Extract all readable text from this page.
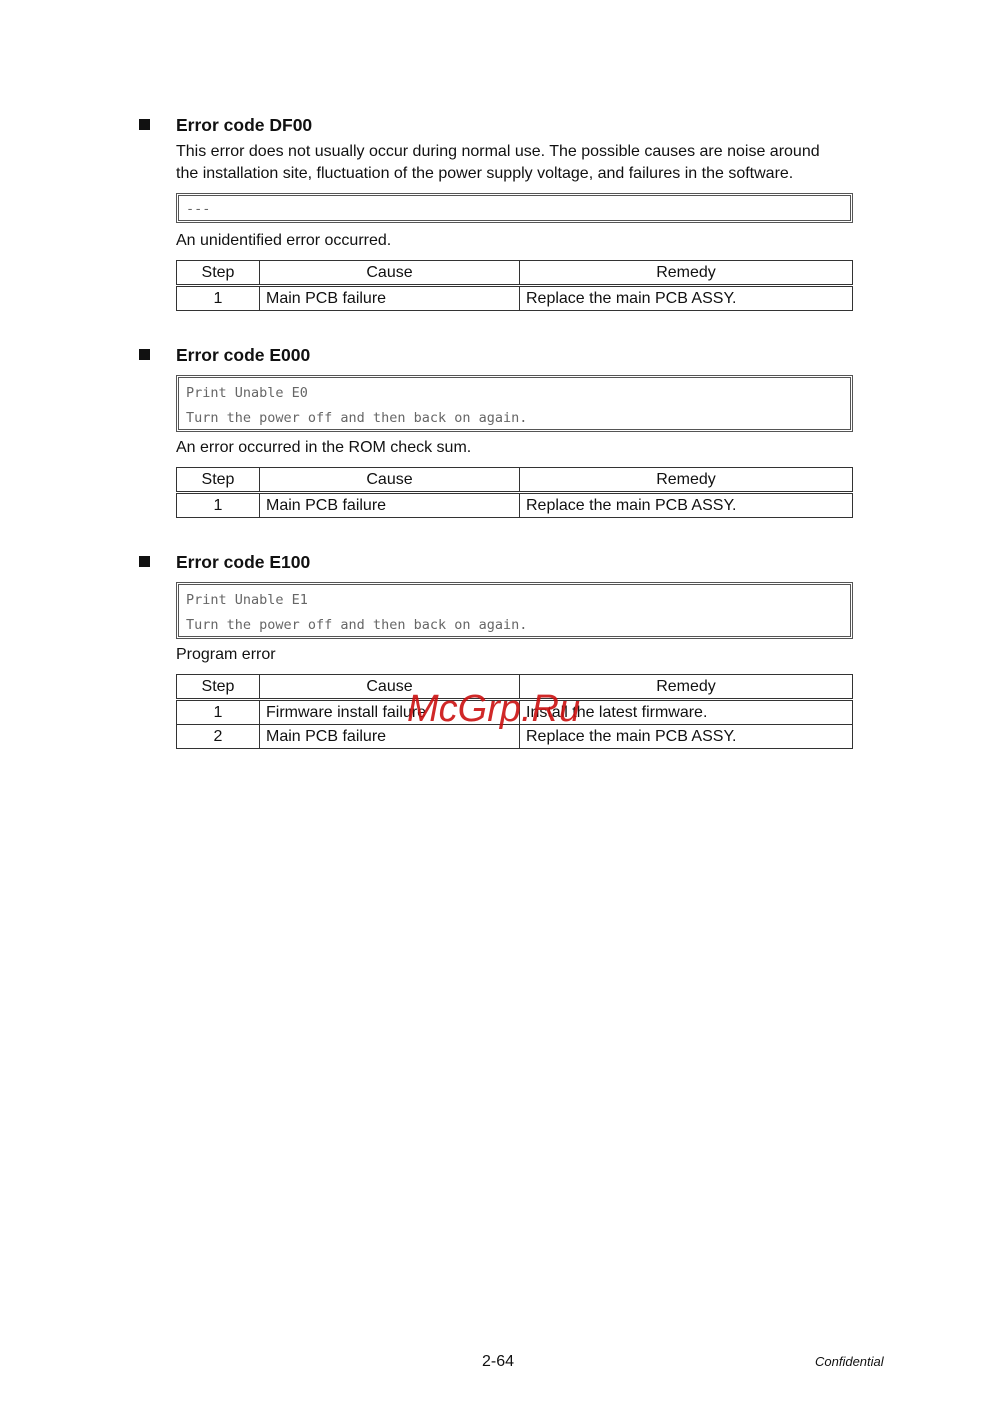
Error code DF00
This error does not usually occur during normal use. The possible causes are noise around
the installation site, fluctuation of the power supply voltage, and failures in the software.
---
An unidentified error occurred.
Step	Cause	Remedy
1	Main PCB failure	Replace the main PCB ASSY.
Error code E000
Print Unable E0
Turn the power off and then back on again.
An error occurred in the ROM check sum.
Step	Cause	Remedy
1	Main PCB failure	Replace the main PCB ASSY.
Error code E100
Print Unable E1
Turn the power off and then back on again.
Program error
Step	Cause	Remedy
1	Firmware install failure	Install the latest firmware.
2	Main PCB failure	Replace the main PCB ASSY.
McGrp.Ru
2-64	Confidential
